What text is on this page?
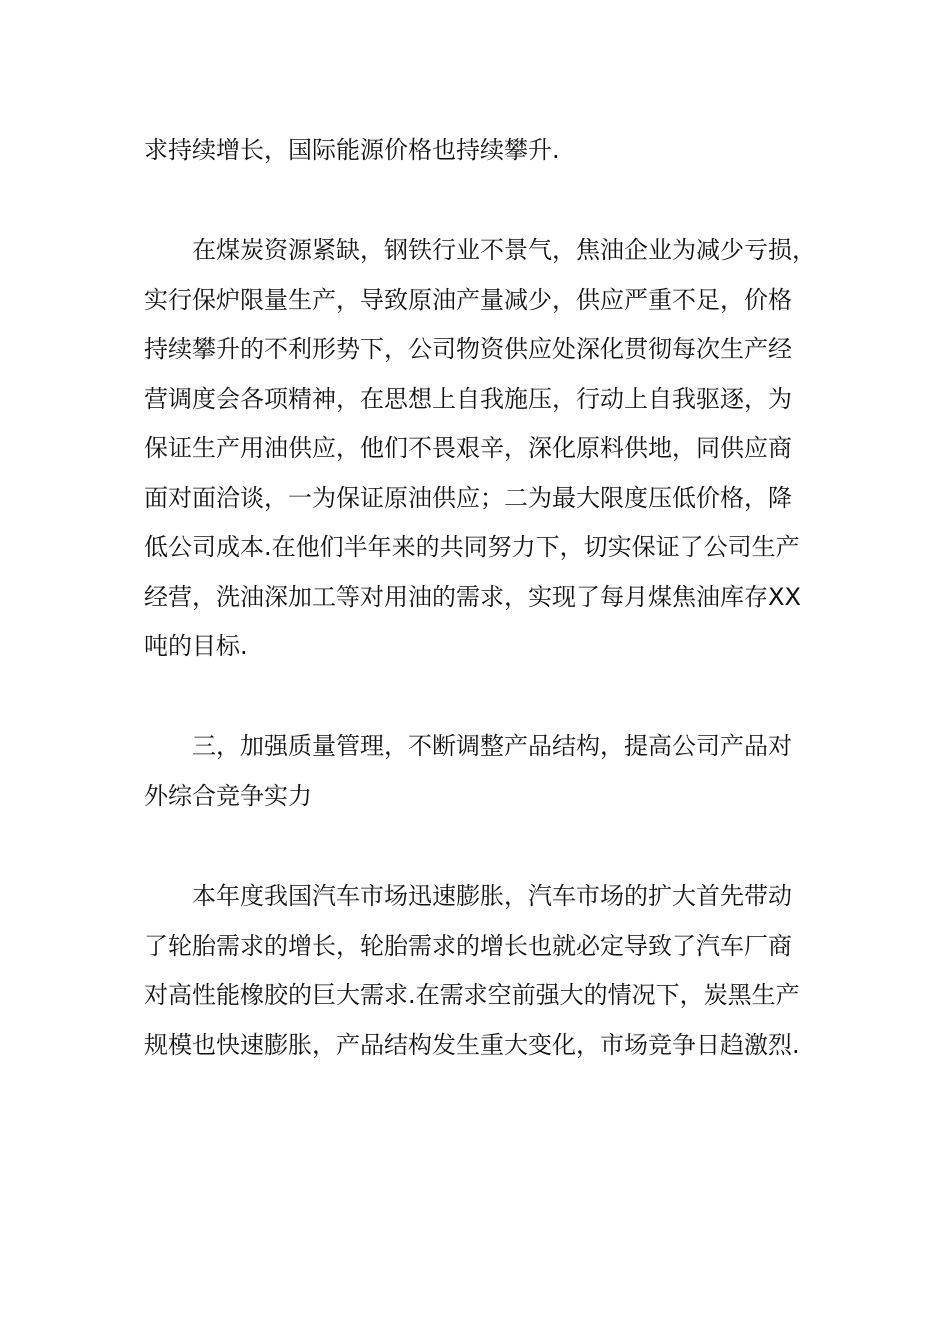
求持续增长，国际能源价格也持续攀升.

在煤炭资源紧缺，钢铁行业不景气，焦油企业为减少亏损，
实行保炉限量生产，导致原油产量减少，供应严重不足，价格
持续攀升的不利形势下，公司物资供应处深化贯彻每次生产经
营调度会各项精神，在思想上自我施压，行动上自我驱逐，为
保证生产用油供应，他们不畏艰辛，深化原料供地，同供应商
面对面洽谈，一为保证原油供应；二为最大限度压低价格，降
低公司成本.在他们半年来的共同努力下，切实保证了公司生产
经营，洗油深加工等对用油的需求，实现了每月煤焦油库存XX
吨的目标.

三，加强质量管理，不断调整产品结构，提高公司产品对
外综合竞争实力

本年度我国汽车市场迅速膨胀，汽车市场的扩大首先带动
了轮胎需求的增长，轮胎需求的增长也就必定导致了汽车厂商
对高性能橡胶的巨大需求.在需求空前强大的情况下，炭黑生产
规模也快速膨胀，产品结构发生重大变化，市场竞争日趋激烈.
